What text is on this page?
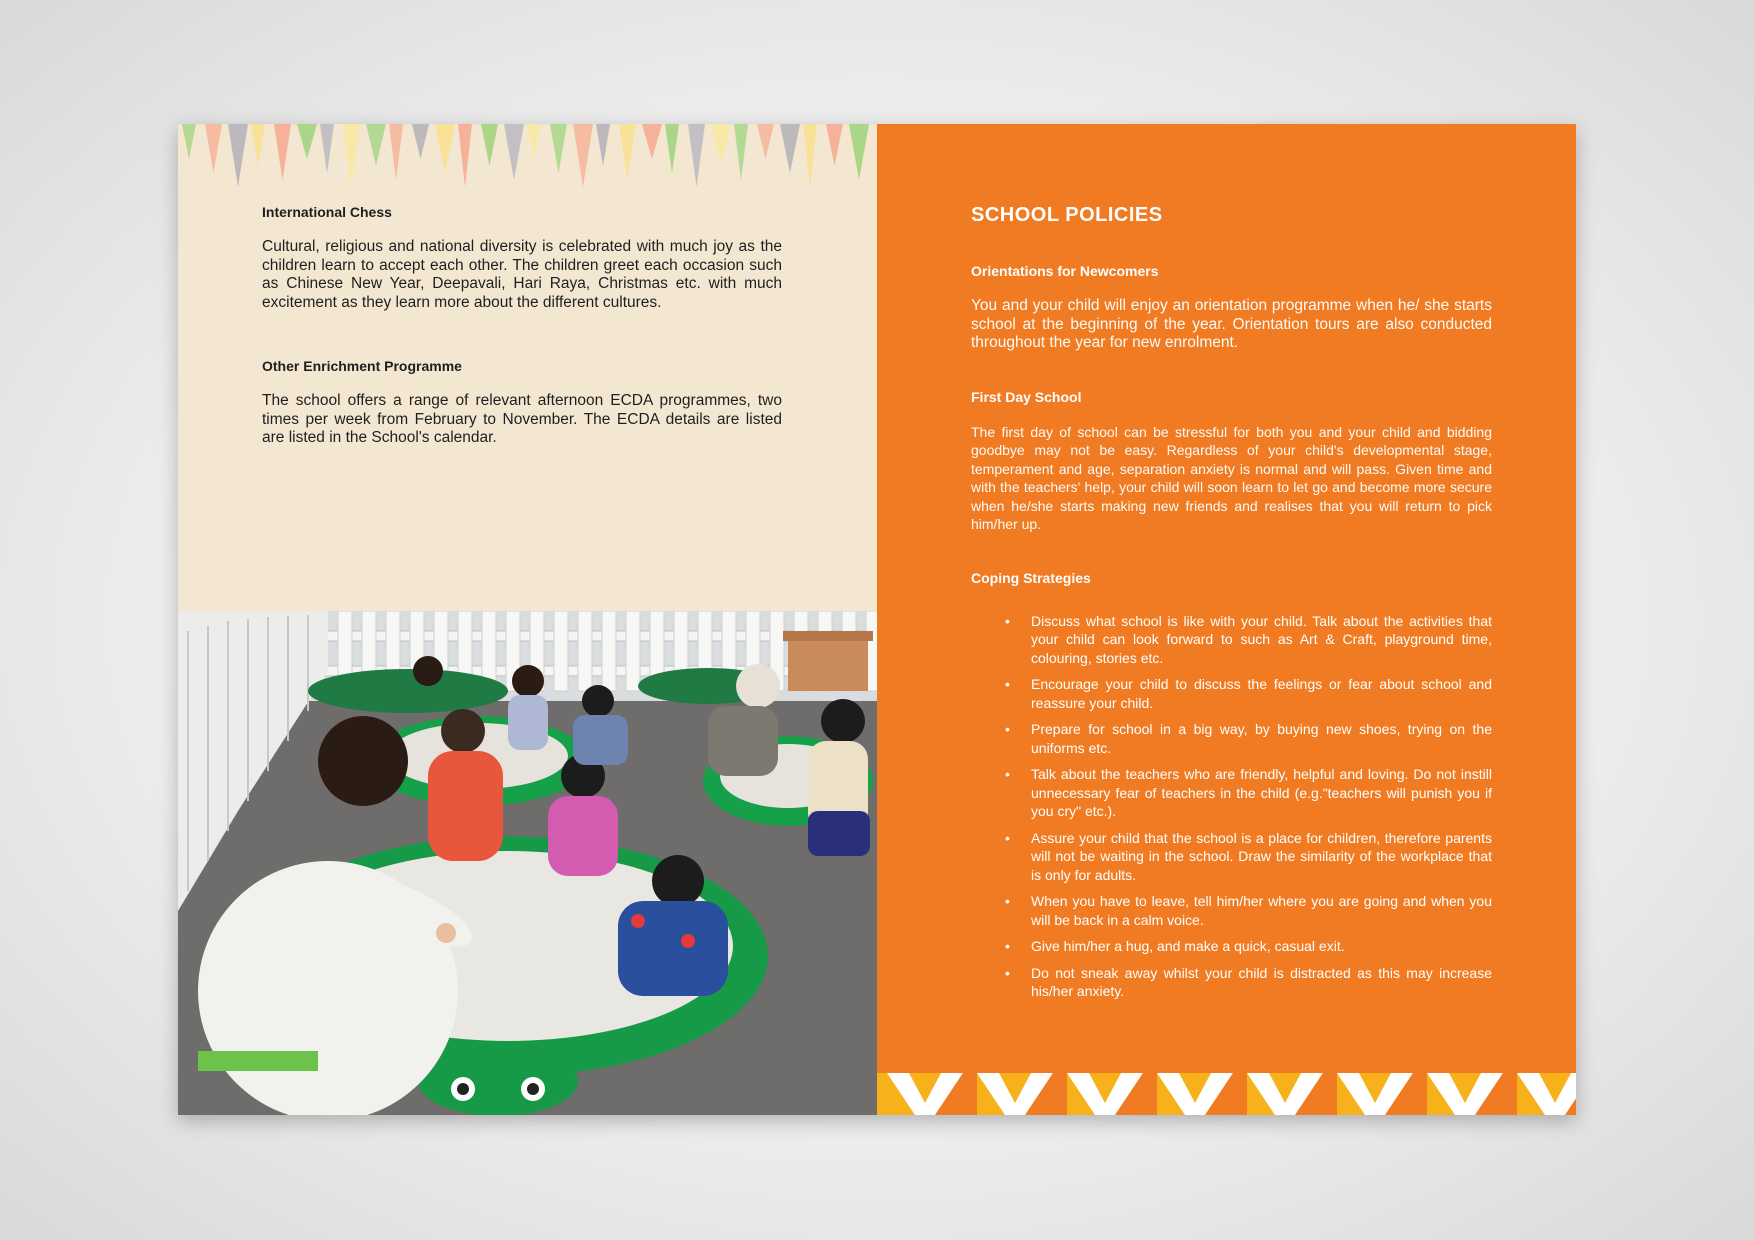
International Chess
Cultural, religious and national diversity is celebrated with much joy as the children learn to accept each other. The children greet each occasion such as Chinese New Year, Deepavali, Hari Raya, Christmas etc. with much excitement as they learn more about the different cultures.
Other Enrichment Programme
The school offers a range of relevant afternoon ECDA programmes, two times per week from February to November. The ECDA details are listed are listed in the School's calendar.
SCHOOL POLICIES
Orientations for Newcomers
You and your child will enjoy an orientation programme when he/ she starts school at the beginning of the year. Orientation tours are also conducted throughout the year for new enrolment.
First Day School
The first day of school can be stressful for both you and your child and bidding goodbye may not be easy. Regardless of your child's developmental stage, temperament and age, separation anxiety is normal and will pass. Given time and with the teachers' help, your child will soon learn to let go and become more secure when he/she starts making new friends and realises that you will return to pick him/her up.
Coping Strategies
• Discuss what school is like with your child. Talk about the activities that your child can look forward to such as Art & Craft, playground time, colouring, stories etc.
• Encourage your child to discuss the feelings or fear about school and reassure your child.
• Prepare for school in a big way, by buying new shoes, trying on the uniforms etc.
• Talk about the teachers who are friendly, helpful and loving. Do not instill unnecessary fear of teachers in the child (e.g."teachers will punish you if you cry" etc.).
• Assure your child that the school is a place for children, therefore parents will not be waiting in the school. Draw the similarity of the workplace that is only for adults.
• When you have to leave, tell him/her where you are going and when you will be back in a calm voice.
• Give him/her a hug, and make a quick, casual exit.
• Do not sneak away whilst your child is distracted as this may increase his/her anxiety.
